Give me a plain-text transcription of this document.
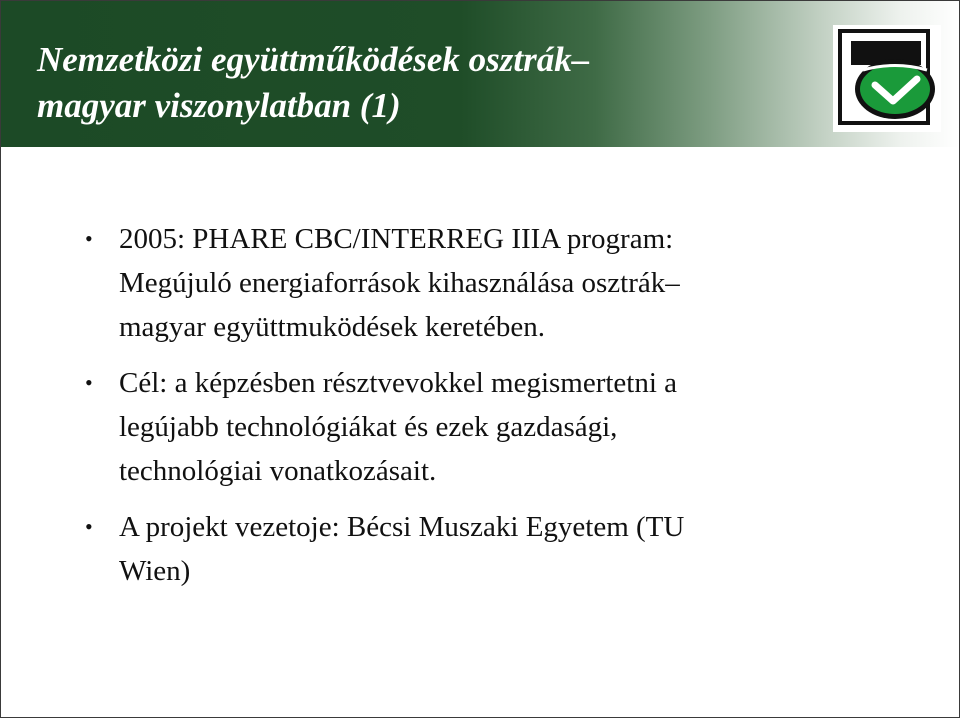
Nemzetközi együttműködések osztrák–
magyar viszonylatban (1)
• 2005: PHARE CBC/INTERREG IIIA program:
Megújuló energiaforrások kihasználása osztrák–
magyar együttmuködések keretében.
• Cél: a képzésben résztvevokkel megismertetni a
legújabb technológiákat és ezek gazdasági,
technológiai vonatkozásait.
• A projekt vezetoje: Bécsi Muszaki Egyetem (TU
Wien)
